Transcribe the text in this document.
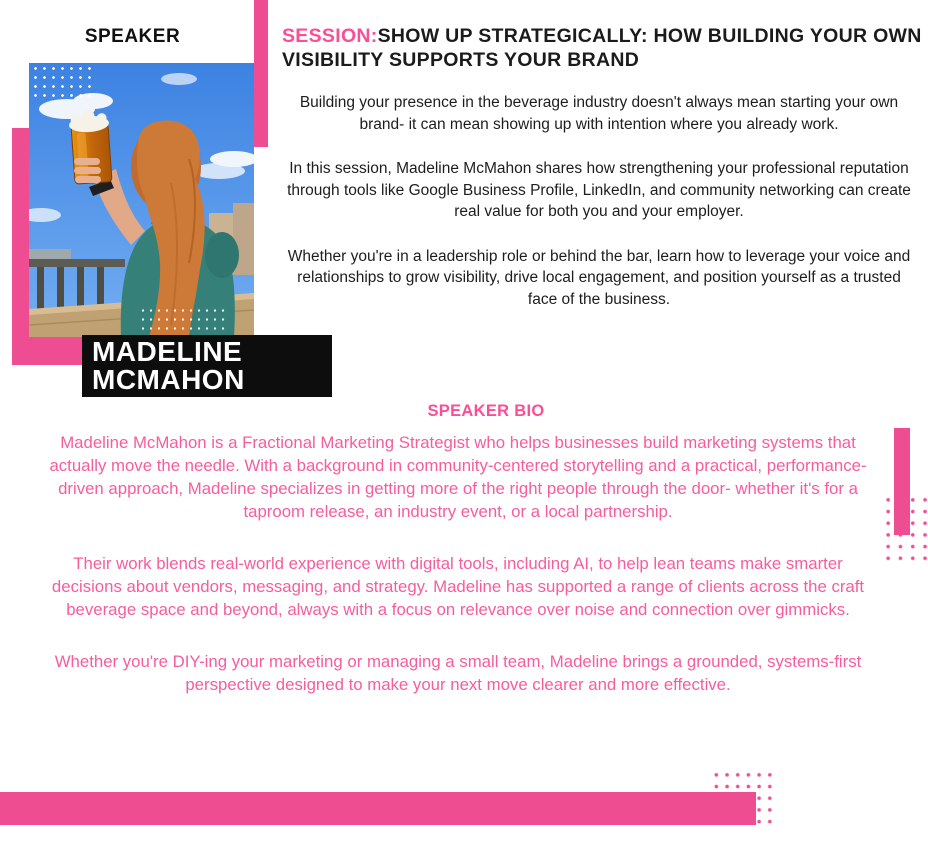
SPEAKER
MADELINE
MCMAHON
SESSION:SHOW UP STRATEGICALLY: HOW BUILDING YOUR OWN VISIBILITY SUPPORTS YOUR BRAND

Building your presence in the beverage industry doesn't always mean starting your own brand- it can mean showing up with intention where you already work.

In this session, Madeline McMahon shares how strengthening your professional reputation through tools like Google Business Profile, LinkedIn, and community networking can create real value for both you and your employer.

Whether you're in a leadership role or behind the bar, learn how to leverage your voice and relationships to grow visibility, drive local engagement, and position yourself as a trusted face of the business.

SPEAKER BIO

Madeline McMahon is a Fractional Marketing Strategist who helps businesses build marketing systems that actually move the needle. With a background in community-centered storytelling and a practical, performance-driven approach, Madeline specializes in getting more of the right people through the door- whether it's for a taproom release, an industry event, or a local partnership.

Their work blends real-world experience with digital tools, including AI, to help lean teams make smarter decisions about vendors, messaging, and strategy. Madeline has supported a range of clients across the craft beverage space and beyond, always with a focus on relevance over noise and connection over gimmicks.

Whether you're DIY-ing your marketing or managing a small team, Madeline brings a grounded, systems-first perspective designed to make your next move clearer and more effective.
